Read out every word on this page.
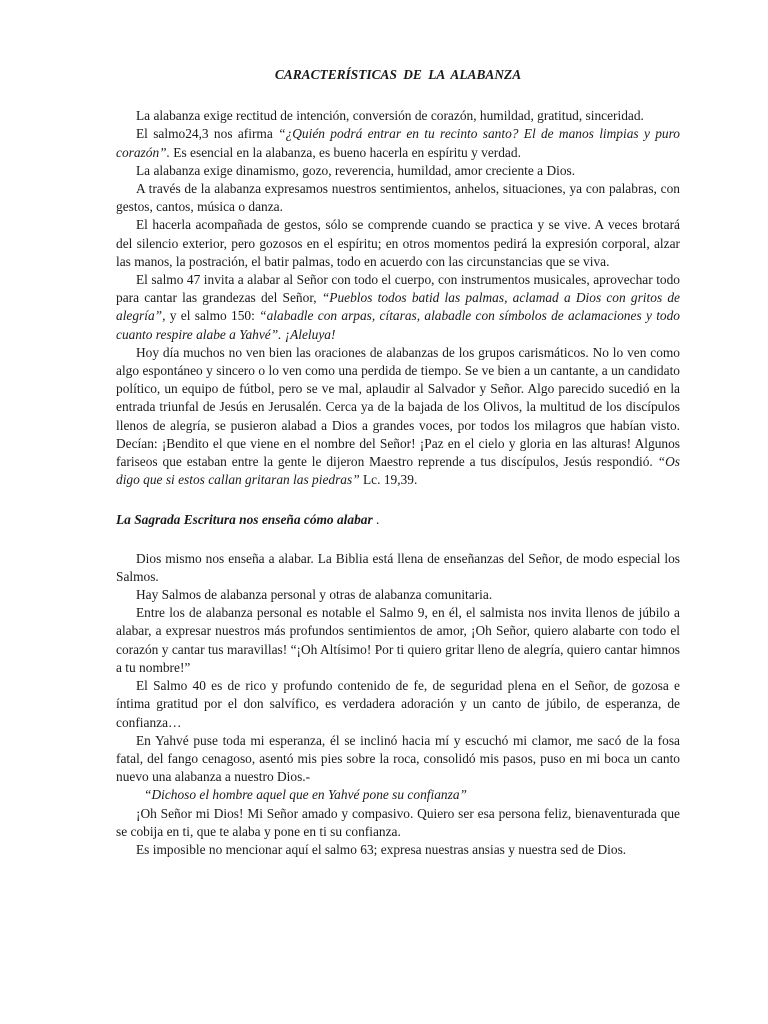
CARACTERÍSTICAS DE LA ALABANZA

La alabanza exige rectitud de intención, conversión de corazón, humildad, gratitud, sinceridad.

El salmo24,3 nos afirma “¿Quién podrá entrar en tu recinto santo? El de manos limpias y puro corazón”. Es esencial en la alabanza, es bueno hacerla en espíritu y verdad.

La alabanza exige dinamismo, gozo, reverencia, humildad, amor creciente a Dios.

A través de la alabanza expresamos nuestros sentimientos, anhelos, situaciones, ya con palabras, con gestos, cantos, música o danza.

El hacerla acompañada de gestos, sólo se comprende cuando se practica y se vive. A veces brotará del silencio exterior, pero gozosos en el espíritu; en otros momentos pedirá la expresión corporal, alzar las manos, la postración, el batir palmas, todo en acuerdo con las circunstancias que se viva.

El salmo 47 invita a alabar al Señor con todo el cuerpo, con instrumentos musicales, aprovechar todo para cantar las grandezas del Señor, “Pueblos todos batid las palmas, aclamad a Dios con gritos de alegría”, y el salmo 150: “alabadle con arpas, cítaras, alabadle con símbolos de aclamaciones y todo cuanto respire alabe a Yahvé”. ¡Aleluya!

Hoy día muchos no ven bien las oraciones de alabanzas de los grupos carismáticos. No lo ven como algo espontáneo y sincero o lo ven como una perdida de tiempo. Se ve bien a un cantante, a un candidato político, un equipo de fútbol, pero se ve mal, aplaudir al Salvador y Señor. Algo parecido sucedió en la entrada triunfal de Jesús en Jerusalén. Cerca ya de la bajada de los Olivos, la multitud de los discípulos llenos de alegría, se pusieron alabad a Dios a grandes voces, por todos los milagros que habían visto. Decían: ¡Bendito el que viene en el nombre del Señor! ¡Paz en el cielo y gloria en las alturas! Algunos fariseos que estaban entre la gente le dijeron Maestro reprende a tus discípulos, Jesús respondió. “Os digo que si estos callan gritaran las piedras” Lc. 19,39.

La Sagrada Escritura nos enseña cómo alabar .

Dios mismo nos enseña a alabar. La Biblia está llena de enseñanzas del Señor, de modo especial los Salmos.

Hay Salmos de alabanza personal y otras de alabanza comunitaria.

Entre los de alabanza personal es notable el Salmo 9, en él, el salmista nos invita llenos de júbilo a alabar, a expresar nuestros más profundos sentimientos de amor, ¡Oh Señor, quiero alabarte con todo el corazón y cantar tus maravillas! “¡Oh Altísimo! Por ti quiero gritar lleno de alegría, quiero cantar himnos a tu nombre!”

El Salmo 40 es de rico y profundo contenido de fe, de seguridad plena en el Señor, de gozosa e íntima gratitud por el don salvífico, es verdadera adoración y un canto de júbilo, de esperanza, de confianza…

En Yahvé puse toda mi esperanza, él se inclinó hacia mí y escuchó mi clamor, me sacó de la fosa fatal, del fango cenagoso, asentó mis pies sobre la roca, consolidó mis pasos, puso en mi boca un canto nuevo una alabanza a nuestro Dios.-

“Dichoso el hombre aquel que en Yahvé pone su confianza”

¡Oh Señor mi Dios! Mi Señor amado y compasivo. Quiero ser esa persona feliz, bienaventurada que se cobija en ti, que te alaba y pone en ti su confianza.

Es imposible no mencionar aquí el salmo 63; expresa nuestras ansias y nuestra sed de Dios.
